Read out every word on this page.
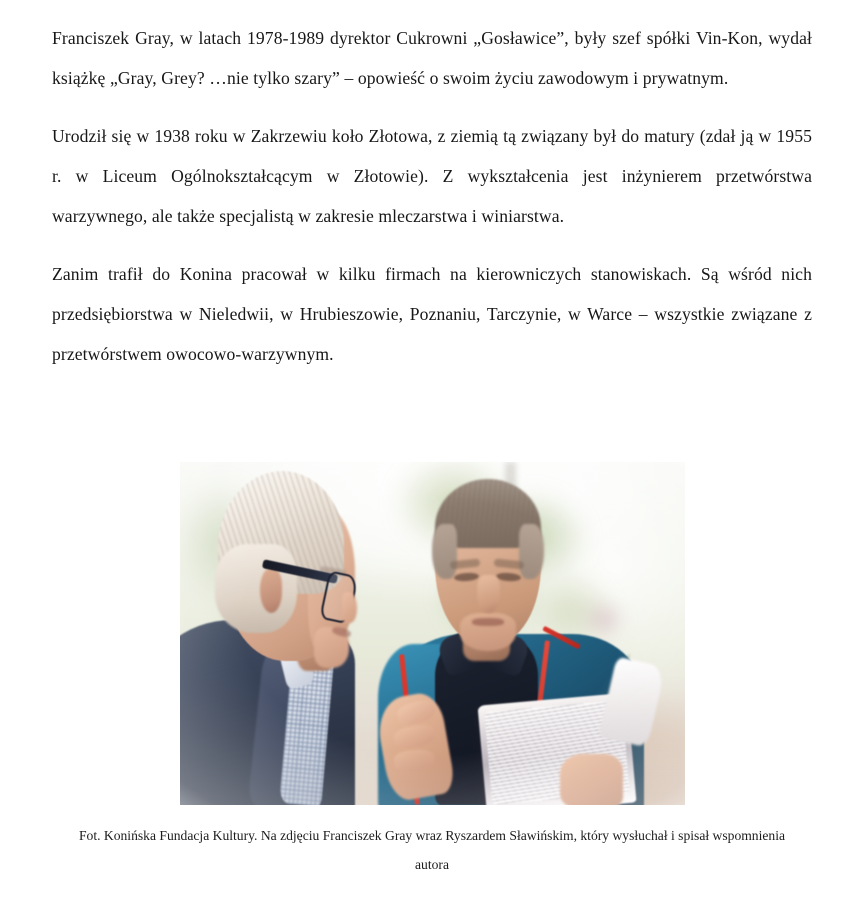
Franciszek Gray, w latach 1978-1989 dyrektor Cukrowni „Gosławice”, były szef spółki Vin-Kon, wydał książkę „Gray, Grey? …nie tylko szary” – opowieść o swoim życiu zawodowym i prywatnym.

Urodził się w 1938 roku w Zakrzewiu koło Złotowa, z ziemią tą związany był do matury (zdał ją w 1955 r. w Liceum Ogólnokształcącym w Złotowie). Z wykształcenia jest inżynierem przetwórstwa warzywnego, ale także specjalistą w zakresie mleczarstwa i winiarstwa.

Zanim trafił do Konina pracował w kilku firmach na kierowniczych stanowiskach. Są wśród nich przedsiębiorstwa w Nieledwii, w Hrubieszowie, Poznaniu, Tarczynie, w Warce – wszystkie związane z przetwórstwem owocowo-warzywnym.

Fot. Konińska Fundacja Kultury. Na zdjęciu Franciszek Gray wraz Ryszardem Sławińskim, który wysłuchał i spisał wspomnienia autora
